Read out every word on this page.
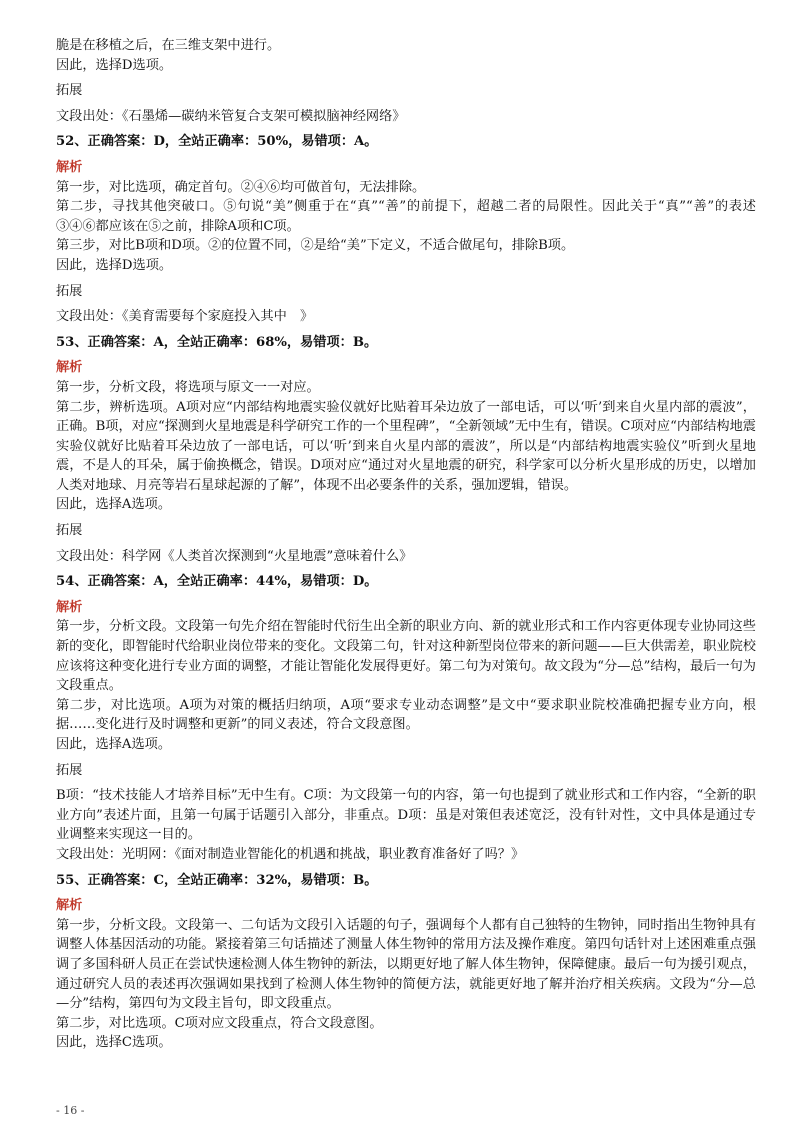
脆是在移植之后，在三维支架中进行。

因此，选择D选项。

拓展

文段出处：《石墨烯—碳纳米管复合支架可模拟脑神经网络》

52、正确答案：D，全站正确率：50%，易错项：A。

解析

第一步，对比选项，确定首句。②④⑥均可做首句，无法排除。

第二步，寻找其他突破口。⑤句说“美”侧重于在“真”“善”的前提下，超越二者的局限性。因此关于“真”“善”的表述③④⑥都应该在⑤之前，排除A项和C项。

第三步，对比B项和D项。②的位置不同，②是给“美”下定义，不适合做尾句，排除B项。

因此，选择D选项。

拓展

文段出处：《美育需要每个家庭投入其中　》

53、正确答案：A，全站正确率：68%，易错项：B。

解析

第一步，分析文段，将选项与原文一一对应。

第二步，辨析选项。A项对应“内部结构地震实验仪就好比贴着耳朵边放了一部电话，可以‘听’到来自火星内部的震波”，正确。B项，对应“探测到火星地震是科学研究工作的一个里程碑”，“全新领域”无中生有，错误。C项对应“内部结构地震实验仪就好比贴着耳朵边放了一部电话，可以‘听’到来自火星内部的震波”，所以是“内部结构地震实验仪”听到火星地震，不是人的耳朵，属于偷换概念，错误。D项对应“通过对火星地震的研究，科学家可以分析火星形成的历史，以增加人类对地球、月亮等岩石星球起源的了解”，体现不出必要条件的关系，强加逻辑，错误。

因此，选择A选项。

拓展

文段出处：科学网《人类首次探测到“火星地震”意味着什么》

54、正确答案：A，全站正确率：44%，易错项：D。

解析

第一步，分析文段。文段第一句先介绍在智能时代衍生出全新的职业方向、新的就业形式和工作内容更体现专业协同这些新的变化，即智能时代给职业岗位带来的变化。文段第二句，针对这种新型岗位带来的新问题——巨大供需差，职业院校应该将这种变化进行专业方面的调整，才能让智能化发展得更好。第二句为对策句。故文段为“分—总”结构，最后一句为文段重点。

第二步，对比选项。A项为对策的概括归纳项，A项“要求专业动态调整”是文中“要求职业院校准确把握专业方向，根据……变化进行及时调整和更新”的同义表述，符合文段意图。

因此，选择A选项。

拓展

B项：“技术技能人才培养目标”无中生有。C项：为文段第一句的内容，第一句也提到了就业形式和工作内容，“全新的职业方向”表述片面，且第一句属于话题引入部分，非重点。D项：虽是对策但表述宽泛，没有针对性，文中具体是通过专业调整来实现这一目的。

文段出处：光明网：《面对制造业智能化的机遇和挑战，职业教育准备好了吗？》

55、正确答案：C，全站正确率：32%，易错项：B。

解析

第一步，分析文段。文段第一、二句话为文段引入话题的句子，强调每个人都有自己独特的生物钟，同时指出生物钟具有调整人体基因活动的功能。紧接着第三句话描述了测量人体生物钟的常用方法及操作难度。第四句话针对上述困难重点强调了多国科研人员正在尝试快速检测人体生物钟的新法，以期更好地了解人体生物钟，保障健康。最后一句为援引观点，通过研究人员的表述再次强调如果找到了检测人体生物钟的简便方法，就能更好地了解并治疗相关疾病。文段为“分—总—分”结构，第四句为文段主旨句，即文段重点。

第二步，对比选项。C项对应文段重点，符合文段意图。

因此，选择C选项。

- 16 -
